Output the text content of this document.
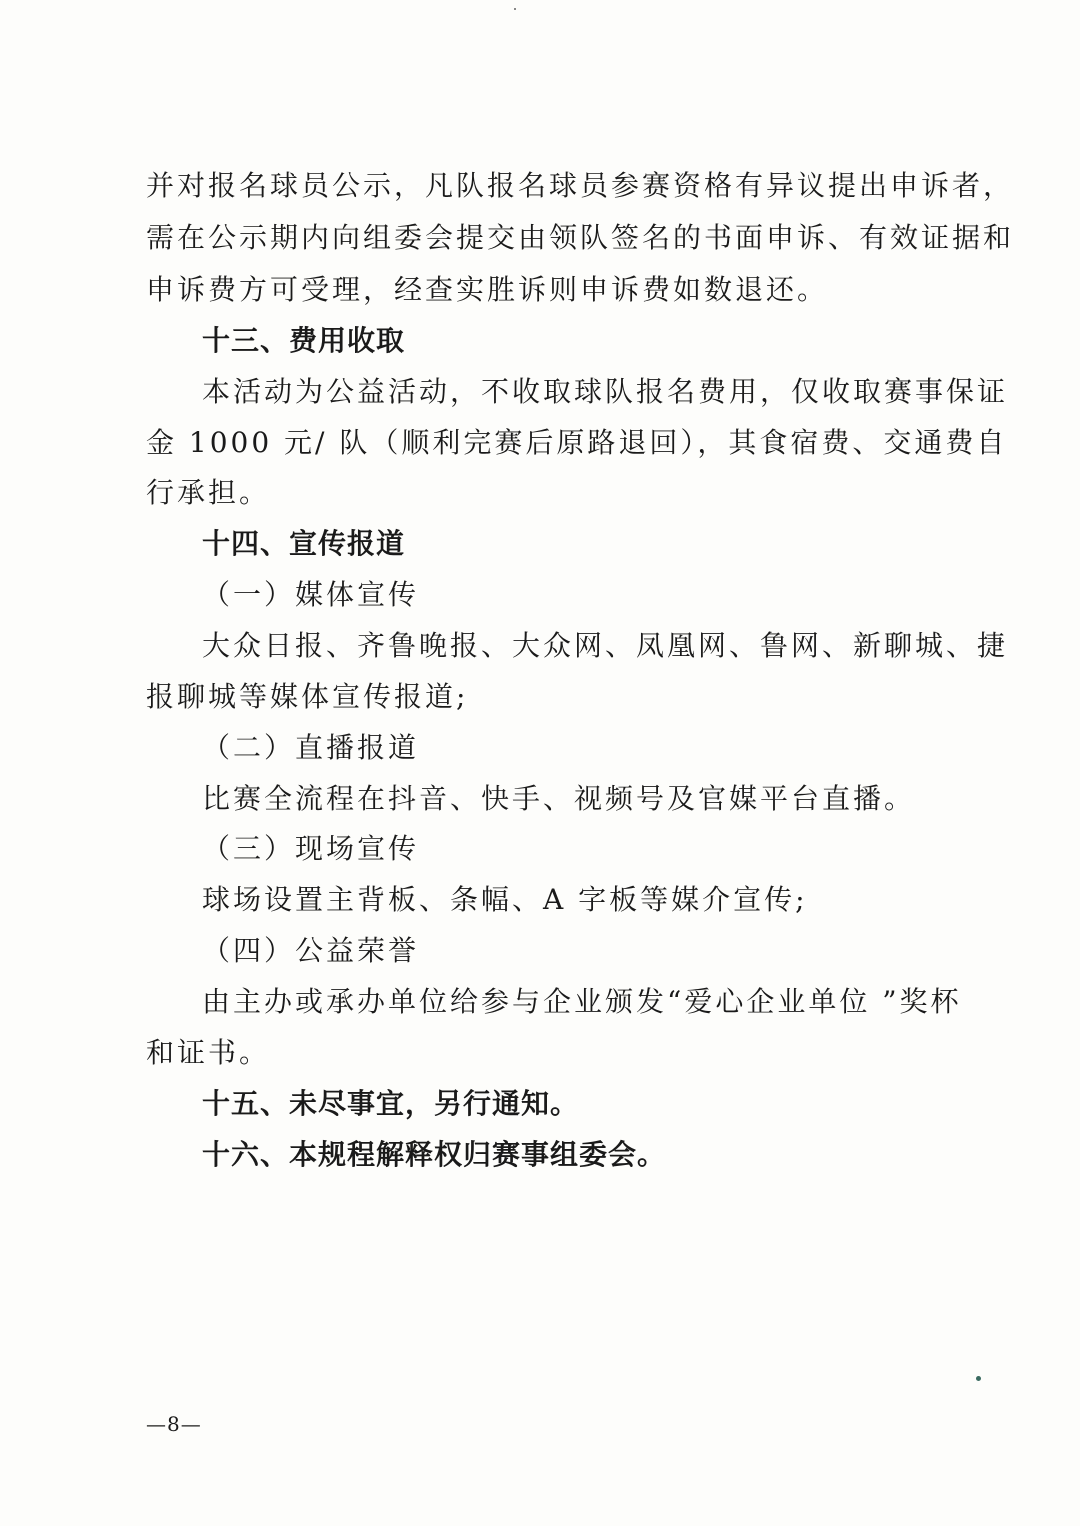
并对报名球员公示，凡队报名球员参赛资格有异议提出申诉者，
需在公示期内向组委会提交由领队签名的书面申诉、有效证据和
申诉费方可受理，经查实胜诉则申诉费如数退还。
十三、费用收取
本活动为公益活动，不收取球队报名费用，仅收取赛事保证
金 1000 元/ 队（顺利完赛后原路退回），其食宿费、交通费自
行承担。
十四、宣传报道
（一）媒体宣传
大众日报、齐鲁晚报、大众网、凤凰网、鲁网、新聊城、捷
报聊城等媒体宣传报道;
（二）直播报道
比赛全流程在抖音、快手、视频号及官媒平台直播。
（三）现场宣传
球场设置主背板、条幅、A 字板等媒介宣传;
（四）公益荣誉
由主办或承办单位给参与企业颁发“爱心企业单位 ”奖杯
和证书。
十五、未尽事宜，另行通知。
十六、本规程解释权归赛事组委会。
—8—
